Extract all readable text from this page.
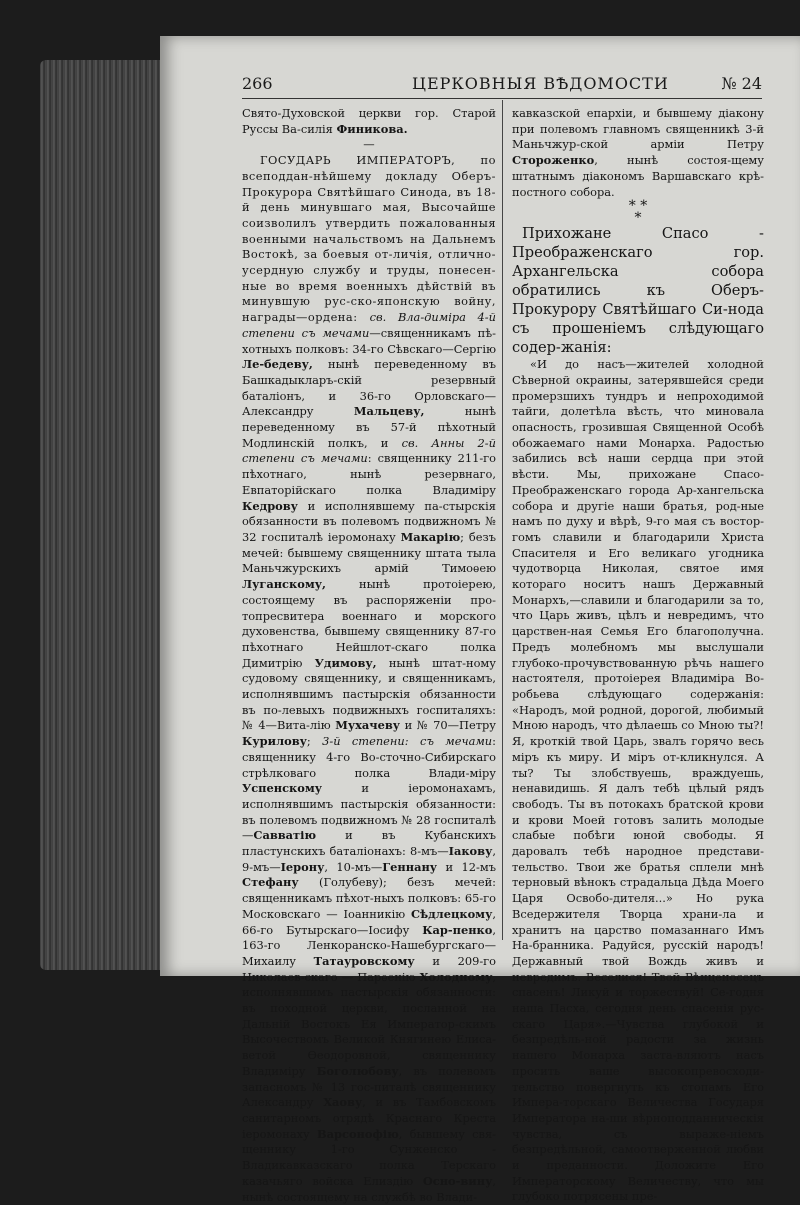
266	ЦЕРКОВНЫЯ ВѢДОМОСТИ	№ 24

Свято-Духовской церкви гор. Старой Руссы Ва-силія Финикова.

—

ГОСУДАРЬ ИМПЕРАТОРЪ, по всеподдан-нѣйшему докладу Оберъ-Прокурора Святѣйшаго Синода, въ 18-й день минувшаго мая, Высочайше соизволилъ утвердить пожалованныя военными начальствомъ на Дальнемъ Востокѣ, за боевыя от-личія, отлично-усердную службу и труды, понесен-ные во время военныхъ дѣйствій въ минувшую рус-ско-японскую войну, награды—ордена: св. Вла-диміра 4-й степени съ мечами—священникамъ пѣ-хотныхъ полковъ: 34-го Сѣвскаго—Сергію Ле-бедеву, нынѣ переведенному въ Башкадыкларъ-скій резервный баталіонъ, и 36-го Орловскаго—Александру Мальцеву, нынѣ переведенному въ 57-й пѣхотный Модлинскій полкъ, и св. Анны 2-й степени съ мечами: священнику 211-го пѣхотнаго, нынѣ резервнаго, Евпаторійскаго полка Владиміру Кедрову и исполнявшему па-стырскія обязанности въ полевомъ подвижномъ № 32 госпиталѣ іеромонаху Макарію; безъ мечей: бывшему священнику штата тыла Маньчжурскихъ армій Тимоѳею Луганскому, нынѣ протоіерею, состоящему въ распоряженіи про-топресвитера военнаго и морского духовенства, бывшему священнику 87-го пѣхотнаго Нейшлот-скаго полка Димитрію Удимову, нынѣ штат-ному судовому священнику, и священникамъ, исполнявшимъ пастырскія обязанности въ по-левыхъ подвижныхъ госпиталяхъ: № 4—Вита-лію Мухачеву и № 70—Петру Курилову; 3-й степени: съ мечами: священнику 4-го Во-сточно-Сибирскаго стрѣлковаго полка Влади-міру Успенскому и іеромонахамъ, исполнявшимъ пастырскія обязанности: въ полевомъ подвижномъ № 28 госпиталѣ—Савватію и въ Кубанскихъ пластунскихъ баталіонахъ: 8-мъ—Іакову, 9-мъ—Іерону, 10-мъ—Геннану и 12-мъ Стефану (Голубеву); безъ мечей: священникамъ пѣхот-ныхъ полковъ: 65-го Московскаго — Іоанникію Сѣдлецкому, 66-го Бутырскаго—Іосифу Кар-пенко, 163-го Ленкоранско-Нашебургскаго—Михаилу Татауровскому и 209-го Николаев-скаго — Парѳенію Холодному, исполнявшимъ пастырскія обязанности: въ походной церкви, посланной на Дальній Востокъ Ея Император-скимъ Высочествомъ Великой Княгинею Елиса-ветой Ѳеодоровной, священнику Владиміру Боголюбову, въ полевомъ запасномъ № 13 гос-питалѣ священнику Александру Хаову, и въ Тамбовскомъ санитарномъ отрядѣ Краснаго Креста іеромонаху Варсонофію, бывшему свя-щеннику 1-го Сунженско - Владикавказскаго полка Терскаго казачьяго войска Елиздію Осно-вину, нынѣ состоящему на службѣ во Влади-

кавказской епархіи, и бывшему діакону при полевомъ главномъ священникѣ 3-й Маньчжур-ской арміи Петру Стороженко, нынѣ состоя-щему штатнымъ діакономъ Варшавскаго крѣ-постного собора.

* *
*

Прихожане Спасо - Преображенскаго гор. Архангельска собора обратились къ Оберъ-Прокурору Святѣйшаго Си-нода съ прошеніемъ слѣдующаго содер-жанія:

«И до насъ—жителей холодной Сѣверной окраины, затерявшейся среди промерзшихъ тундръ и непроходимой тайги, долетѣла вѣсть, что миновала опасность, грозившая Священной Особѣ обожаемаго нами Монарха. Радостью забились всѣ наши сердца при этой вѣсти. Мы, прихожане Спасо-Преображенскаго города Ар-хангельска собора и другіе наши братья, род-ные намъ по духу и вѣрѣ, 9-го мая съ востор-гомъ славили и благодарили Христа Спасителя и Его великаго угодника чудотворца Николая, святое имя котораго носитъ нашъ Державный Монархъ,—славили и благодарили за то, что Царь живъ, цѣлъ и невредимъ, что царствен-ная Семья Его благополучна. Предъ молебномъ мы выслушали глубоко-прочувствованную рѣчь нашего настоятеля, протоіерея Владиміра Во-робьева слѣдующаго содержанія: «Народъ, мой родной, дорогой, любимый Мною народъ, что дѣлаешь со Мною ты?! Я, кроткій твой Царь, звалъ горячо весь міръ къ миру. И міръ от-кликнулся. А ты? Ты злобствуешь, враждуешь, ненавидишь. Я далъ тебѣ цѣлый рядъ свободъ. Ты въ потокахъ братской крови и крови Моей готовъ залить молодые слабые побѣги юной свободы. Я даровалъ тебѣ народное представи-тельство. Твои же братья сплели мнѣ терновый вѣнокъ страдальца Дѣда Моего Царя Освобо-дителя...» Но рука Вседержителя Творца храни-ла и хранитъ на царство помазаннаго Имъ На-бранника. Радуйся, русскій народъ! Державный твой Вождь живъ и невредимъ. Веселися! Твой Вѣнценосецъ спасенъ! Ликуй и торжествуй! Се-годня наша Пасха, сегодня день спасенія рус-скаго Царя».—Чувства глубокой и безпредѣль-ной радости за жизнь нашего Монарха заста-вляютъ насъ просить ваше высокопревосходи-тельство повергнуть къ стопамъ Его Импера-торскаго Величества Государя Императора на-ши вѣрноподданническія чувства, съ выраже-ніемъ безпредѣльной, самоотверженной любви и преданности. Доложите Его Императорскому Величеству, что мы глубоко потрясены пре-
